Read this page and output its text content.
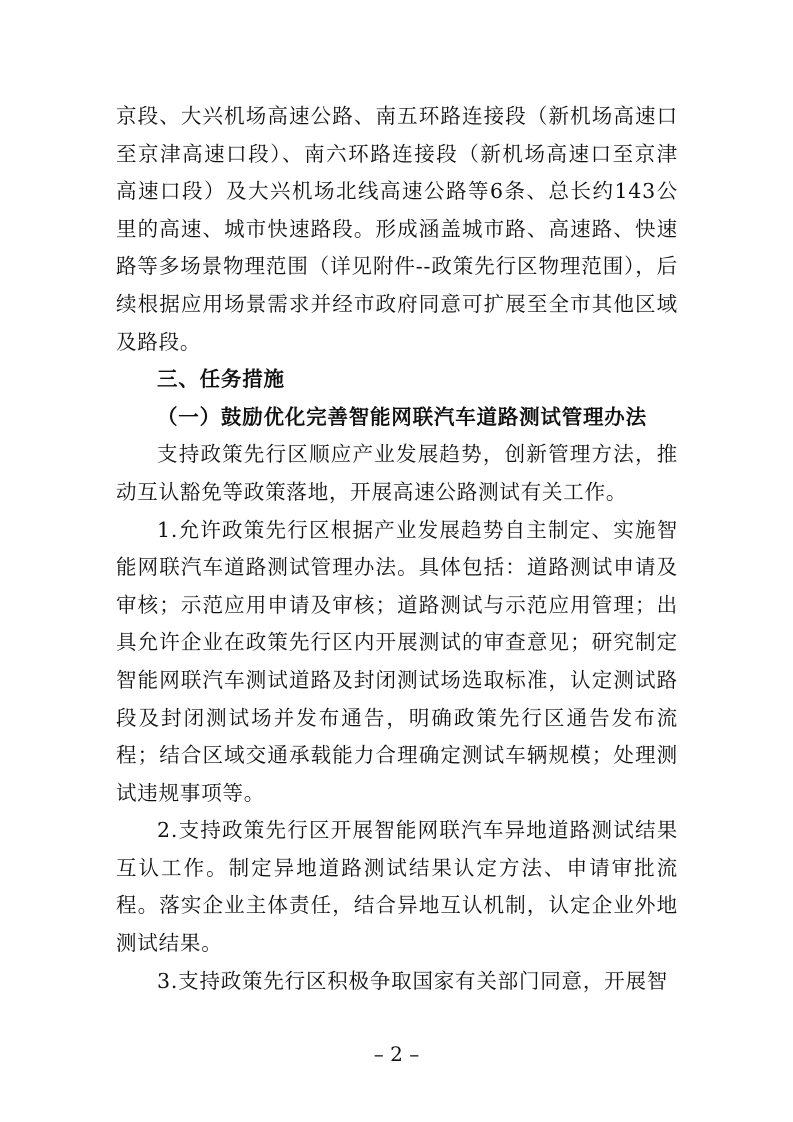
京段、大兴机场高速公路、南五环路连接段（新机场高速口至京津高速口段）、南六环路连接段（新机场高速口至京津高速口段）及大兴机场北线高速公路等6条、总长约143公里的高速、城市快速路段。形成涵盖城市路、高速路、快速路等多场景物理范围（详见附件--政策先行区物理范围），后续根据应用场景需求并经市政府同意可扩展至全市其他区域及路段。

三、任务措施
（一）鼓励优化完善智能网联汽车道路测试管理办法

支持政策先行区顺应产业发展趋势，创新管理方法，推动互认豁免等政策落地，开展高速公路测试有关工作。

1.允许政策先行区根据产业发展趋势自主制定、实施智能网联汽车道路测试管理办法。具体包括：道路测试申请及审核；示范应用申请及审核；道路测试与示范应用管理；出具允许企业在政策先行区内开展测试的审查意见；研究制定智能网联汽车测试道路及封闭测试场选取标准，认定测试路段及封闭测试场并发布通告，明确政策先行区通告发布流程；结合区域交通承载能力合理确定测试车辆规模；处理测试违规事项等。

2.支持政策先行区开展智能网联汽车异地道路测试结果互认工作。制定异地道路测试结果认定方法、申请审批流程。落实企业主体责任，结合异地互认机制，认定企业外地测试结果。

3.支持政策先行区积极争取国家有关部门同意，开展智

– 2 –
